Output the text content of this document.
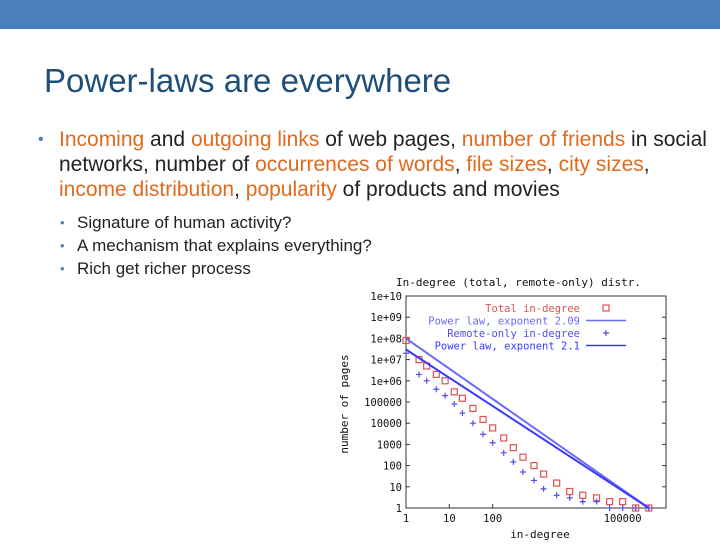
Power-laws are everywhere
• Incoming and outgoing links of web pages, number of friends in social networks, number of occurrences of words, file sizes, city sizes, income distribution, popularity of products and movies
• Signature of human activity?
• A mechanism that explains everything?
• Rich get richer process
In-degree (total, remote-only) distr.
in-degree
number of pages
1
10
100
1000
10000
100000
1e+06
1e+07
1e+08
1e+09
1e+10
1	10	100	100000
Total in-degree
Power law, exponent 2.09
Remote-only in-degree
Power law, exponent 2.1
